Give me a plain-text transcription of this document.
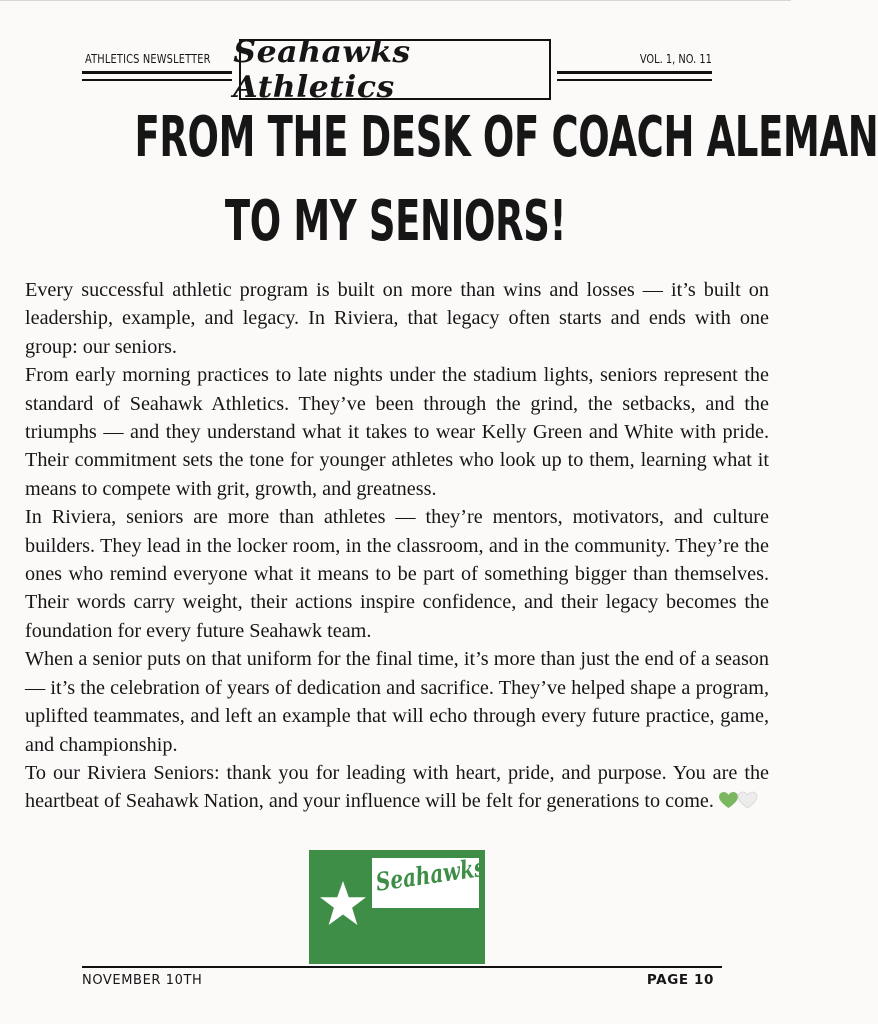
ATHLETICS NEWSLETTER Seahawks Athletics
VOL. 1, NO. 11
FROM THE DESK OF COACH ALEMAN
TO MY SENIORS!

Every successful athletic program is built on more than wins and losses — it’s built on leadership, example, and legacy. In Riviera, that legacy often starts and ends with one group: our seniors.

From early morning practices to late nights under the stadium lights, seniors represent the standard of Seahawk Athletics. They’ve been through the grind, the setbacks, and the triumphs — and they understand what it takes to wear Kelly Green and White with pride. Their commitment sets the tone for younger athletes who look up to them, learning what it means to compete with grit, growth, and greatness.

In Riviera, seniors are more than athletes — they’re mentors, motivators, and culture builders. They lead in the locker room, in the classroom, and in the community. They’re the ones who remind everyone what it means to be part of something bigger than themselves. Their words carry weight, their actions inspire confidence, and their legacy becomes the foundation for every future Seahawk team.

When a senior puts on that uniform for the final time, it’s more than just the end of a season — it’s the celebration of years of dedication and sacrifice. They’ve helped shape a program, uplifted teammates, and left an example that will echo through every future practice, game, and championship.

To our Riviera Seniors: thank you for leading with heart, pride, and purpose. You are the heartbeat of Seahawk Nation, and your influence will be felt for generations to come.

Seahawks
NOVEMBER 10TH	PAGE 10
